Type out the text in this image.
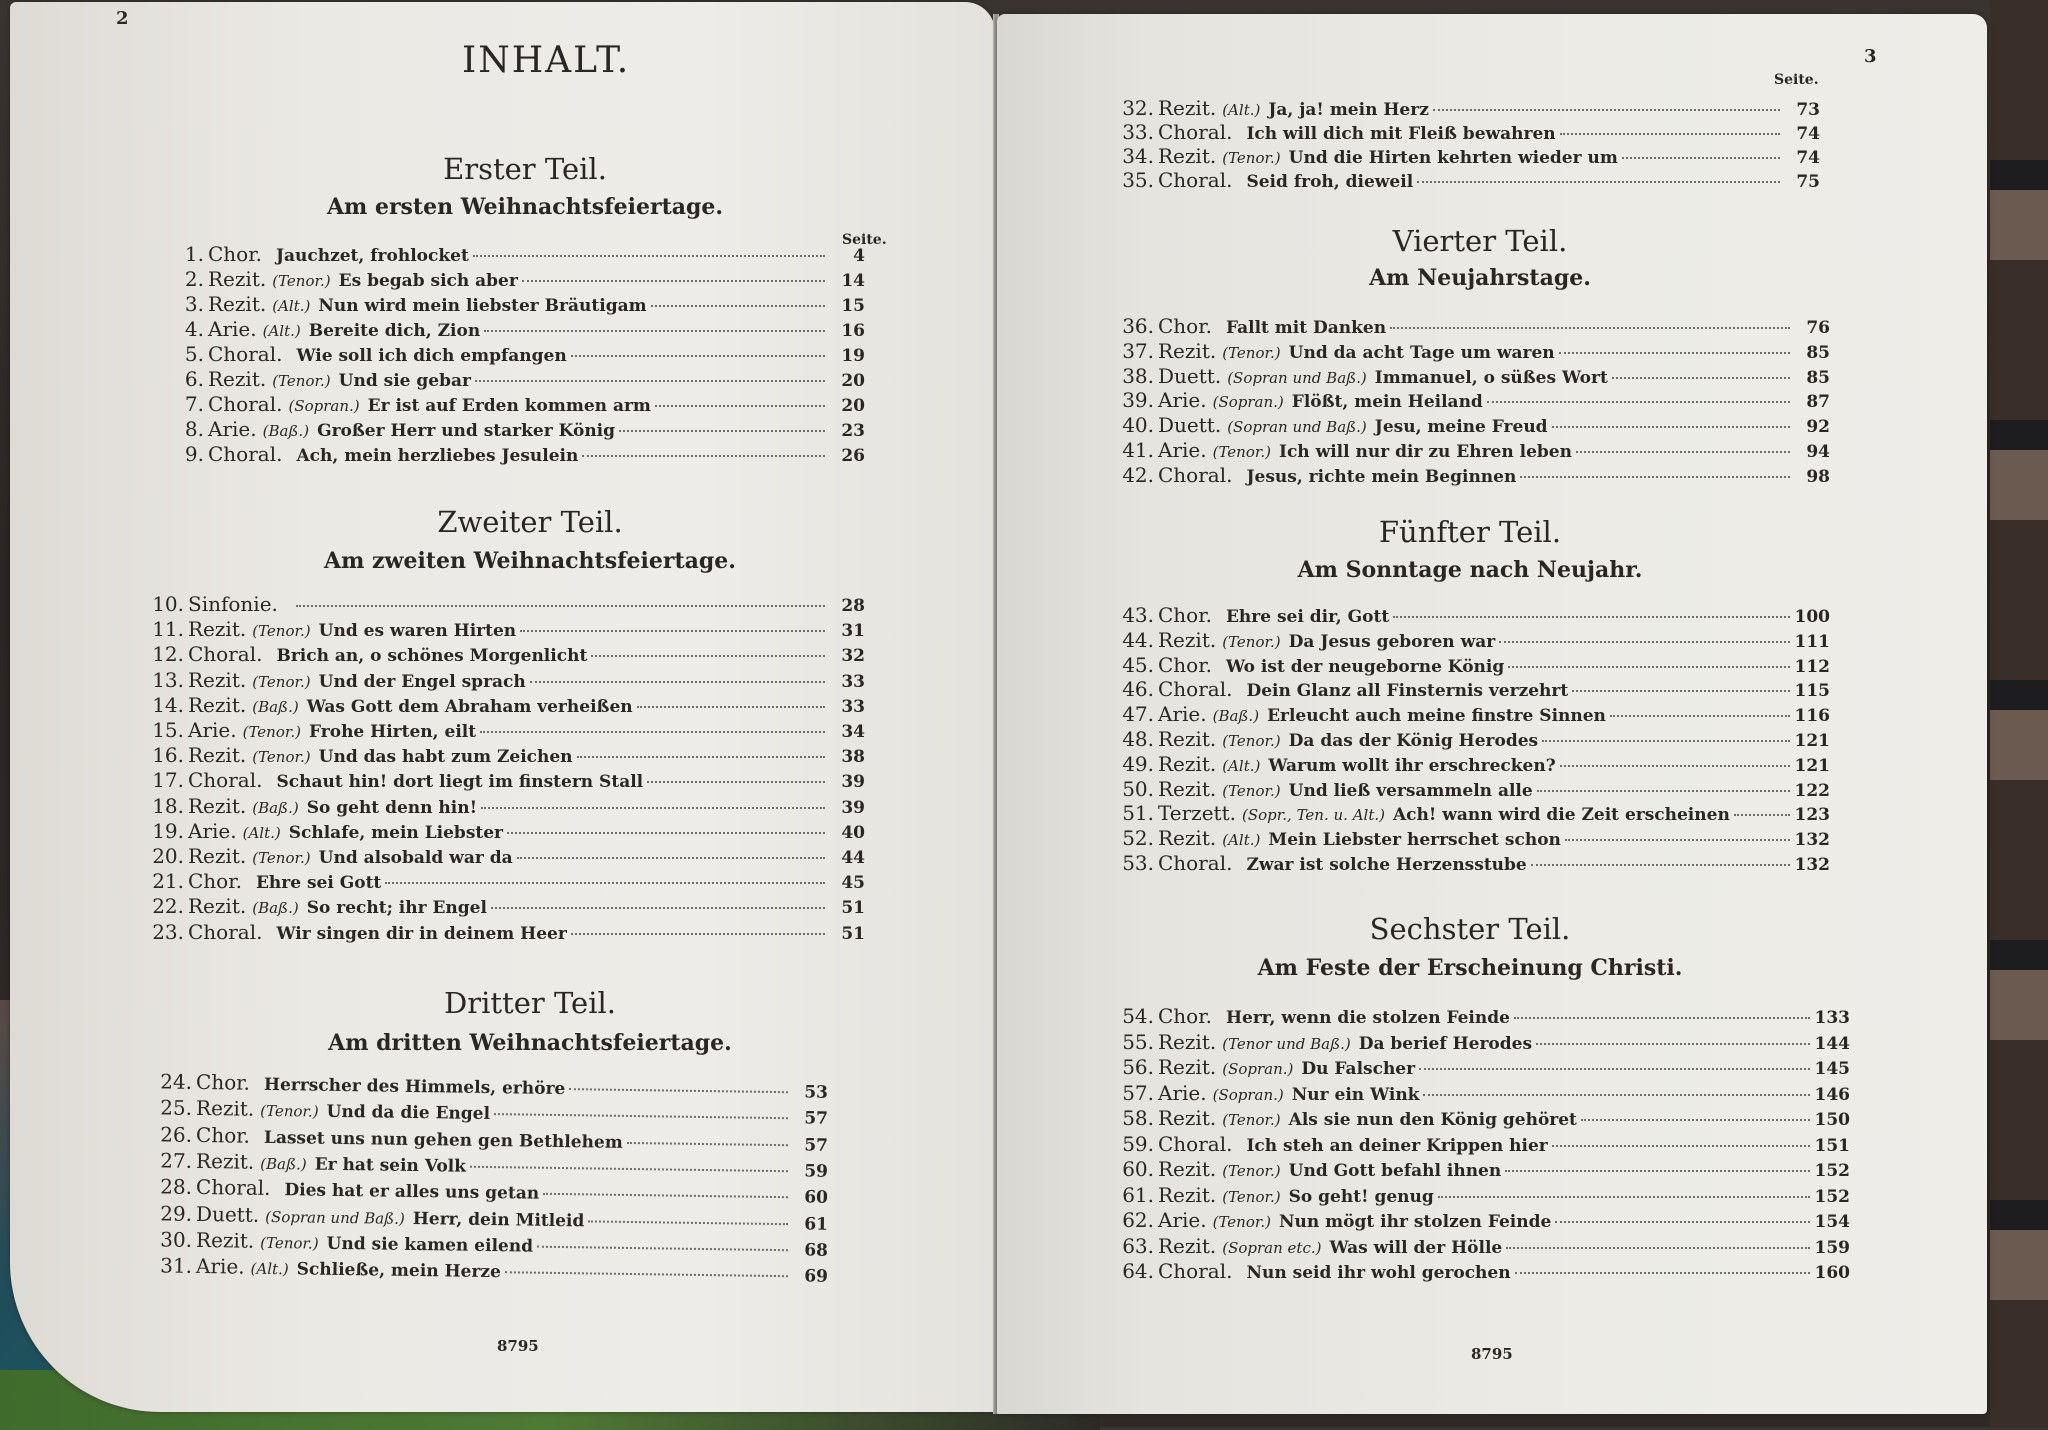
2
INHALT.
Erster Teil.
Am ersten Weihnachtsfeiertage.
Seite.
1. Chor. Jauchzet, frohlocket	4
2. Rezit. (Tenor.) Es begab sich aber	14
3. Rezit. (Alt.) Nun wird mein liebster Bräutigam	15
4. Arie. (Alt.) Bereite dich, Zion	16
5. Choral. Wie soll ich dich empfangen	19
6. Rezit. (Tenor.) Und sie gebar	20
7. Choral. (Sopran.) Er ist auf Erden kommen arm	20
8. Arie. (Baß.) Großer Herr und starker König	23
9. Choral. Ach, mein herzliebes Jesulein	26
Zweiter Teil.
Am zweiten Weihnachtsfeiertage.
10. Sinfonie.	28
11. Rezit. (Tenor.) Und es waren Hirten	31
12. Choral. Brich an, o schönes Morgenlicht	32
13. Rezit. (Tenor.) Und der Engel sprach	33
14. Rezit. (Baß.) Was Gott dem Abraham verheißen	33
15. Arie. (Tenor.) Frohe Hirten, eilt	34
16. Rezit. (Tenor.) Und das habt zum Zeichen	38
17. Choral. Schaut hin! dort liegt im finstern Stall	39
18. Rezit. (Baß.) So geht denn hin!	39
19. Arie. (Alt.) Schlafe, mein Liebster	40
20. Rezit. (Tenor.) Und alsobald war da	44
21. Chor. Ehre sei Gott	45
22. Rezit. (Baß.) So recht; ihr Engel	51
23. Choral. Wir singen dir in deinem Heer	51
Dritter Teil.
Am dritten Weihnachtsfeiertage.
24. Chor. Herrscher des Himmels, erhöre	53
25. Rezit. (Tenor.) Und da die Engel	57
26. Chor. Lasset uns nun gehen gen Bethlehem	57
27. Rezit. (Baß.) Er hat sein Volk	59
28. Choral. Dies hat er alles uns getan	60
29. Duett. (Sopran und Baß.) Herr, dein Mitleid	61
30. Rezit. (Tenor.) Und sie kamen eilend	68
31. Arie. (Alt.) Schließe, mein Herze	69
Seite.
32. Rezit. (Alt.) Ja, ja! mein Herz	73
33. Choral. Ich will dich mit Fleiß bewahren	74
34. Rezit. (Tenor.) Und die Hirten kehrten wieder um	74
35. Choral. Seid froh, dieweil	75
Vierter Teil.
Am Neujahrstage.
36. Chor. Fallt mit Danken	76
37. Rezit. (Tenor.) Und da acht Tage um waren	85
38. Duett. (Sopran und Baß.) Immanuel, o süßes Wort	85
39. Arie. (Sopran.) Flößt, mein Heiland	87
40. Duett. (Sopran und Baß.) Jesu, meine Freud	92
41. Arie. (Tenor.) Ich will nur dir zu Ehren leben	94
42. Choral. Jesus, richte mein Beginnen	98
Fünfter Teil.
Am Sonntage nach Neujahr.
43. Chor. Ehre sei dir, Gott	100
44. Rezit. (Tenor.) Da Jesus geboren war	111
45. Chor. Wo ist der neugeborne König	112
46. Choral. Dein Glanz all Finsternis verzehrt	115
47. Arie. (Baß.) Erleucht auch meine finstre Sinnen	116
48. Rezit. (Tenor.) Da das der König Herodes	121
49. Rezit. (Alt.) Warum wollt ihr erschrecken?	121
50. Rezit. (Tenor.) Und ließ versammeln alle	122
51. Terzett. (Sopr., Ten. u. Alt.) Ach! wann wird die Zeit erscheinen	123
52. Rezit. (Alt.) Mein Liebster herrschet schon	132
53. Choral. Zwar ist solche Herzensstube	132
Sechster Teil.
Am Feste der Erscheinung Christi.
54. Chor. Herr, wenn die stolzen Feinde	133
55. Rezit. (Tenor und Baß.) Da berief Herodes	144
56. Rezit. (Sopran.) Du Falscher	145
57. Arie. (Sopran.) Nur ein Wink	146
58. Rezit. (Tenor.) Als sie nun den König gehöret	150
59. Choral. Ich steh an deiner Krippen hier	151
60. Rezit. (Tenor.) Und Gott befahl ihnen	152
61. Rezit. (Tenor.) So geht! genug	152
62. Arie. (Tenor.) Nun mögt ihr stolzen Feinde	154
63. Rezit. (Sopran etc.) Was will der Hölle	159
64. Choral. Nun seid ihr wohl gerochen	160
8795
3
8795
